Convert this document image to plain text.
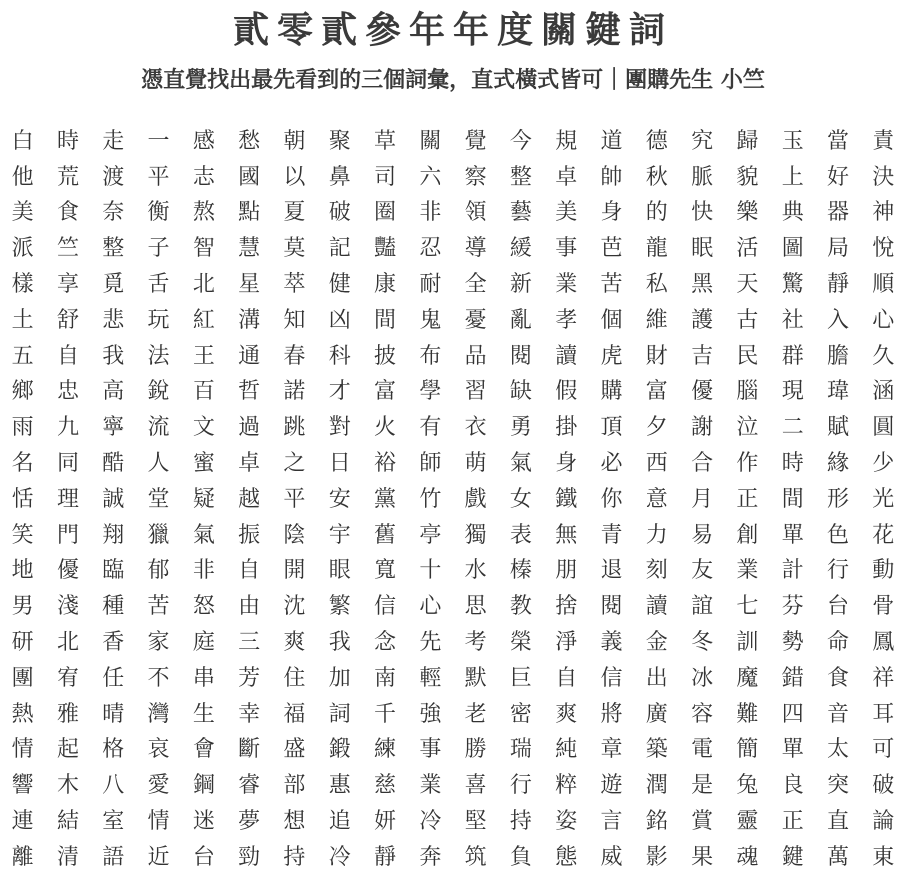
貳零貳參年年度關鍵詞
憑直覺找出最先看到的三個詞彙，直式橫式皆可｜團購先生 小竺
白	時	走	一	感	愁	朝	聚	草	關	覺	今	規	道	德	究	歸	玉	當	責
他	荒	渡	平	志	國	以	鼻	司	六	察	整	卓	帥	秋	脈	貌	上	好	決
美	食	奈	衡	熬	點	夏	破	圈	非	領	藝	美	身	的	快	樂	典	器	神
派	竺	整	子	智	慧	莫	記	豔	忍	導	緩	事	芭	龍	眠	活	圖	局	悅
樣	享	覓	舌	北	星	萃	健	康	耐	全	新	業	苦	私	黑	天	驚	靜	順
土	舒	悲	玩	紅	溝	知	凶	間	鬼	憂	亂	孝	個	維	護	古	社	入	心
五	自	我	法	王	通	春	科	披	布	品	閱	讀	虎	財	吉	民	群	膽	久
鄉	忠	高	銳	百	哲	諾	才	富	學	習	缺	假	購	富	優	腦	現	瑋	涵
雨	九	寧	流	文	過	跳	對	火	有	衣	勇	掛	頂	夕	謝	泣	二	賦	圓
名	同	酷	人	蜜	卓	之	日	裕	師	萌	氣	身	必	西	合	作	時	緣	少
恬	理	誠	堂	疑	越	平	安	黨	竹	戲	女	鐵	你	意	月	正	間	形	光
笑	門	翔	獵	氣	振	陰	宇	舊	亭	獨	表	無	青	力	易	創	單	色	花
地	優	臨	郁	非	自	開	眼	寬	十	水	榛	朋	退	刻	友	業	計	行	動
男	淺	種	苦	怒	由	沈	繁	信	心	思	教	捨	閱	讀	誼	七	芬	台	骨
研	北	香	家	庭	三	爽	我	念	先	考	榮	淨	義	金	冬	訓	勢	命	鳳
團	宥	任	不	串	芳	住	加	南	輕	默	巨	自	信	出	冰	魔	錯	食	祥
熱	雅	晴	灣	生	幸	福	詞	千	強	老	密	爽	將	廣	容	難	四	音	耳
情	起	格	哀	會	斷	盛	鍛	練	事	勝	瑞	純	章	築	電	簡	單	太	可
響	木	八	愛	鋼	睿	部	惠	慈	業	喜	行	粹	遊	潤	是	兔	良	突	破
連	結	室	情	迷	夢	想	追	妍	冷	堅	持	姿	言	銘	賞	靈	正	直	論
離	清	語	近	台	勁	持	冷	靜	奔	筑	負	態	威	影	果	魂	鍵	萬	東
